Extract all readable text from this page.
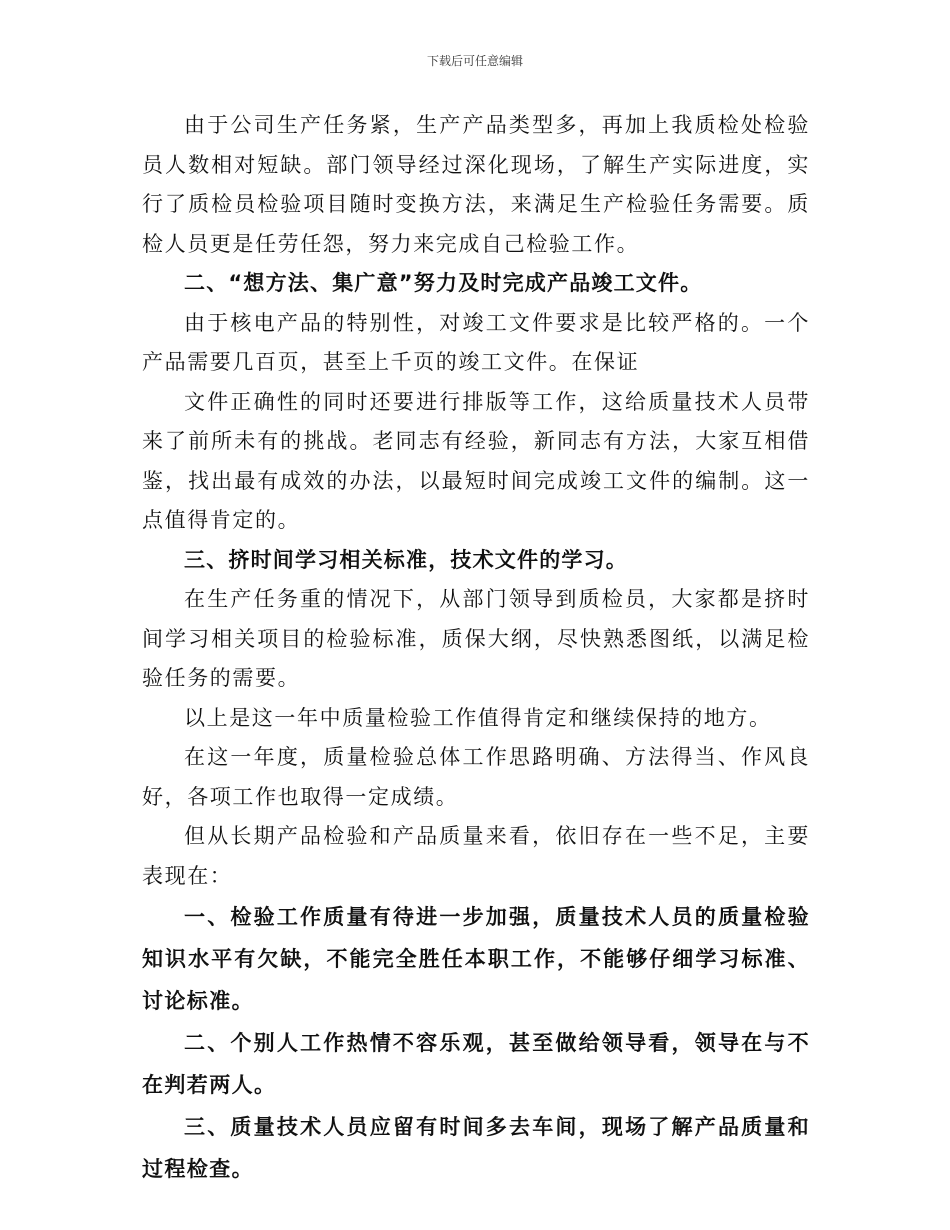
下载后可任意编辑

由于公司生产任务紧，生产产品类型多，再加上我质检处检验员人数相对短缺。部门领导经过深化现场，了解生产实际进度，实行了质检员检验项目随时变换方法，来满足生产检验任务需要。质检人员更是任劳任怨，努力来完成自己检验工作。

二、“想方法、集广意”努力及时完成产品竣工文件。

由于核电产品的特别性，对竣工文件要求是比较严格的。一个产品需要几百页，甚至上千页的竣工文件。在保证

文件正确性的同时还要进行排版等工作，这给质量技术人员带来了前所未有的挑战。老同志有经验，新同志有方法，大家互相借鉴，找出最有成效的办法，以最短时间完成竣工文件的编制。这一点值得肯定的。

三、挤时间学习相关标准，技术文件的学习。

在生产任务重的情况下，从部门领导到质检员，大家都是挤时间学习相关项目的检验标准，质保大纲，尽快熟悉图纸，以满足检验任务的需要。

以上是这一年中质量检验工作值得肯定和继续保持的地方。

在这一年度，质量检验总体工作思路明确、方法得当、作风良好，各项工作也取得一定成绩。

但从长期产品检验和产品质量来看，依旧存在一些不足，主要表现在：

一、检验工作质量有待进一步加强，质量技术人员的质量检验知识水平有欠缺，不能完全胜任本职工作，不能够仔细学习标准、讨论标准。

二、个别人工作热情不容乐观，甚至做给领导看，领导在与不在判若两人。

三、质量技术人员应留有时间多去车间，现场了解产品质量和过程检查。
